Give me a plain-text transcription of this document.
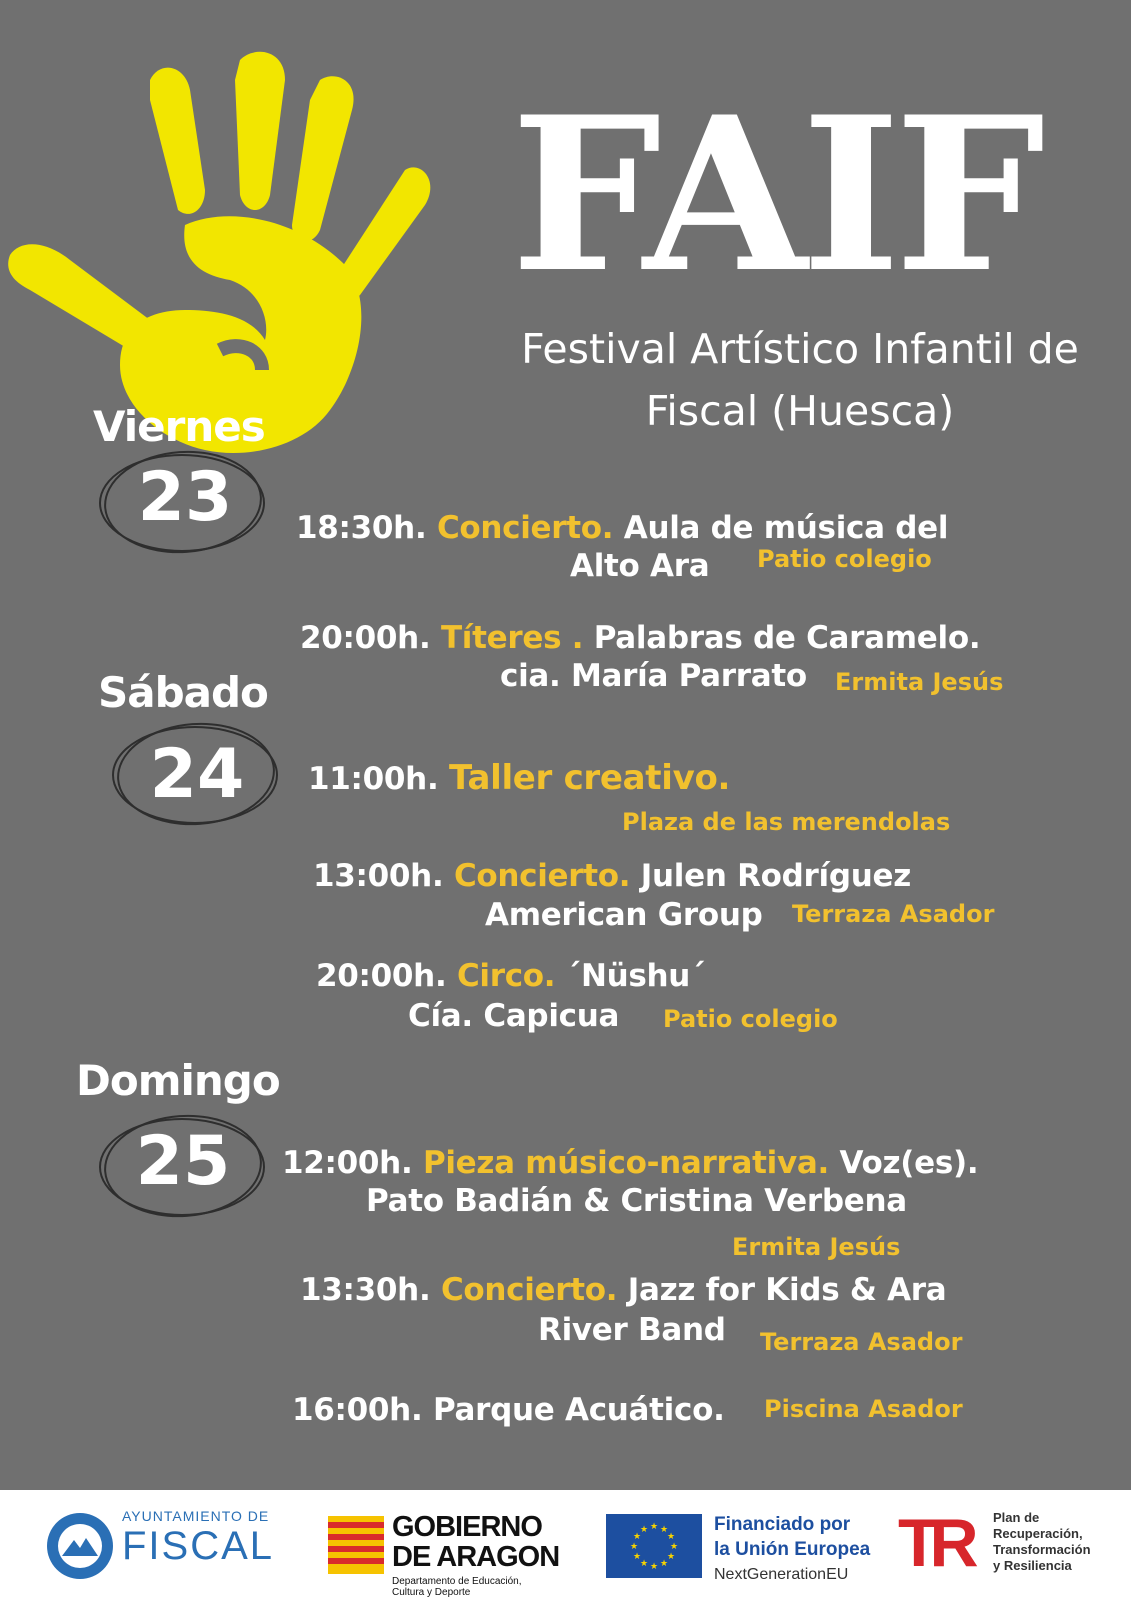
FAIF
Festival Artístico Infantil de
Fiscal (Huesca)
Viernes
23
Sábado
24
Domingo
25
18:30h. Concierto. Aula de música del
Alto Ara Patio colegio
20:00h. Títeres . Palabras de Caramelo.
cia. María Parrato Ermita Jesús
11:00h. Taller creativo.
Plaza de las merendolas
13:00h. Concierto. Julen Rodríguez
American Group Terraza Asador
20:00h. Circo. ´Nüshu´
Cía. Capicua Patio colegio
12:00h. Pieza músico-narrativa. Voz(es).
Pato Badián & Cristina Verbena
Ermita Jesús
13:30h. Concierto. Jazz for Kids & Ara
River Band Terraza Asador
16:00h. Parque Acuático. Piscina Asador
AYUNTAMIENTO DE
FISCAL	GOBIERNO
DE ARAGON
Departamento de Educación,
Cultura y Deporte
★ ★
★
★
★
★
★
★
★
★
★
★	Financiado por
la Unión Europea
NextGenerationEU TR Plan de
Recuperación,
Transformación
y Resiliencia
